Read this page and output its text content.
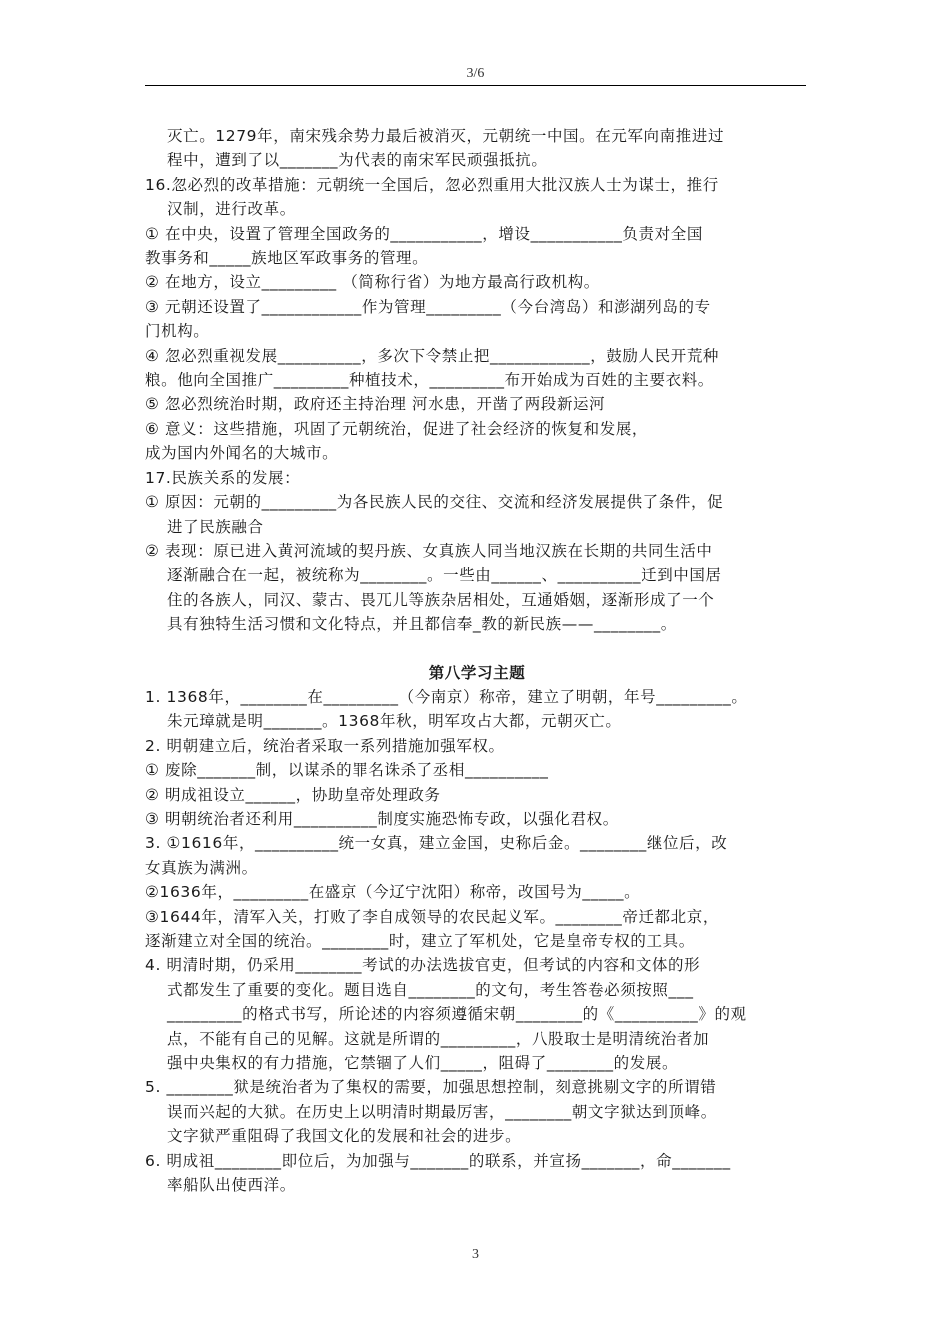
3/6

灭亡。1279年，南宋残余势力最后被消灭，元朝统一中国。在元军向南推进过

程中，遭到了以_______为代表的南宋军民顽强抵抗。

16.忽必烈的改革措施：元朝统一全国后，忽必烈重用大批汉族人士为谋士，推行

汉制，进行改革。

① 在中央，设置了管理全国政务的___________，增设___________负责对全国

教事务和_____族地区军政事务的管理。

② 在地方，设立_________ （简称行省）为地方最高行政机构。

③ 元朝还设置了____________作为管理_________（今台湾岛）和澎湖列岛的专

门机构。

④ 忽必烈重视发展__________，多次下令禁止把____________，鼓励人民开荒种

粮。他向全国推广_________种植技术，_________布开始成为百姓的主要衣料。

⑤ 忽必烈统治时期，政府还主持治理 河水患，开凿了两段新运河

⑥ 意义：这些措施，巩固了元朝统治，促进了社会经济的恢复和发展，

成为国内外闻名的大城市。

17.民族关系的发展：

① 原因：元朝的_________为各民族人民的交往、交流和经济发展提供了条件，促

进了民族融合

② 表现：原已进入黄河流域的契丹族、女真族人同当地汉族在长期的共同生活中

逐渐融合在一起，被统称为________。一些由______、__________迁到中国居

住的各族人，同汉、蒙古、畏兀儿等族杂居相处，互通婚姻，逐渐形成了一个

具有独特生活习惯和文化特点，并且都信奉_教的新民族——________。

第八学习主题

1. 1368年，________在_________（今南京）称帝，建立了明朝，年号_________。

朱元璋就是明_______。1368年秋，明军攻占大都，元朝灭亡。

2. 明朝建立后，统治者采取一系列措施加强军权。

① 废除_______制，以谋杀的罪名诛杀了丞相__________

② 明成祖设立______，协助皇帝处理政务

③ 明朝统治者还利用__________制度实施恐怖专政，以强化君权。

3. ①1616年，__________统一女真，建立金国，史称后金。________继位后，改

女真族为满洲。

②1636年，_________在盛京（今辽宁沈阳）称帝，改国号为_____。

③1644年，清军入关，打败了李自成领导的农民起义军。________帝迁都北京，

逐渐建立对全国的统治。________时，建立了军机处，它是皇帝专权的工具。

4. 明清时期，仍采用________考试的办法选拔官吏，但考试的内容和文体的形

式都发生了重要的变化。题目选自________的文句，考生答卷必须按照___

_________的格式书写，所论述的内容须遵循宋朝________的《__________》的观

点，不能有自己的见解。这就是所谓的_________，八股取士是明清统治者加

强中央集权的有力措施，它禁锢了人们_____，阻碍了________的发展。

5. ________狱是统治者为了集权的需要，加强思想控制，刻意挑剔文字的所谓错

误而兴起的大狱。在历史上以明清时期最厉害，________朝文字狱达到顶峰。

文字狱严重阻碍了我国文化的发展和社会的进步。

6. 明成祖________即位后，为加强与_______的联系，并宣扬_______，命_______

率船队出使西洋。

3
